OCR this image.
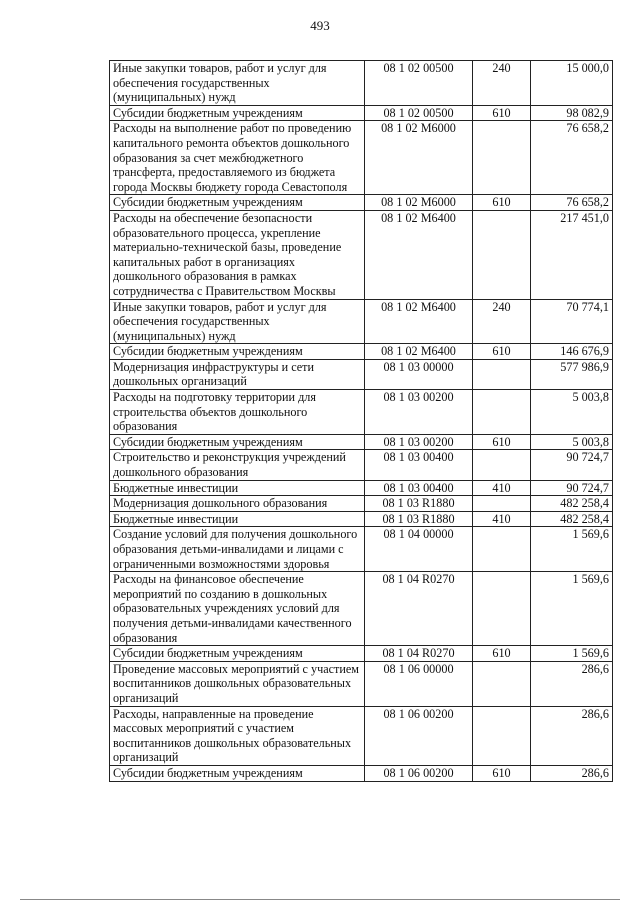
493
Иные закупки товаров, работ и услуг для обеспечения государственных (муниципальных) нужд	08 1 02 00500	240	15 000,0
Субсидии бюджетным учреждениям	08 1 02 00500	610	98 082,9
Расходы на выполнение работ по проведению капитального ремонта объектов дошкольного образования за счет межбюджетного трансферта, предоставляемого из бюджета города Москвы бюджету города Севастополя	08 1 02 М6000		76 658,2
Субсидии бюджетным учреждениям	08 1 02 М6000	610	76 658,2
Расходы на обеспечение безопасности образовательного процесса, укрепление материально-технической базы, проведение капитальных работ в организациях дошкольного образования в рамках сотрудничества с Правительством Москвы	08 1 02 М6400		217 451,0
Иные закупки товаров, работ и услуг для обеспечения государственных (муниципальных) нужд	08 1 02 М6400	240	70 774,1
Субсидии бюджетным учреждениям	08 1 02 М6400	610	146 676,9
Модернизация инфраструктуры и сети дошкольных организаций	08 1 03 00000		577 986,9
Расходы на подготовку территории для строительства объектов дошкольного образования	08 1 03 00200		5 003,8
Субсидии бюджетным учреждениям	08 1 03 00200	610	5 003,8
Строительство и реконструкция учреждений дошкольного образования	08 1 03 00400		90 724,7
Бюджетные инвестиции	08 1 03 00400	410	90 724,7
Модернизация дошкольного образования	08 1 03 R1880		482 258,4
Бюджетные инвестиции	08 1 03 R1880	410	482 258,4
Создание условий для получения дошкольного образования детьми-инвалидами и лицами с ограниченными возможностями здоровья	08 1 04 00000		1 569,6
Расходы на финансовое обеспечение мероприятий по созданию в дошкольных образовательных учреждениях условий для получения детьми-инвалидами качественного образования	08 1 04 R0270		1 569,6
Субсидии бюджетным учреждениям	08 1 04 R0270	610	1 569,6
Проведение массовых мероприятий с участием воспитанников дошкольных образовательных организаций	08 1 06 00000		286,6
Расходы, направленные на проведение массовых мероприятий с участием воспитанников дошкольных образовательных организаций	08 1 06 00200		286,6
Субсидии бюджетным учреждениям	08 1 06 00200	610	286,6
